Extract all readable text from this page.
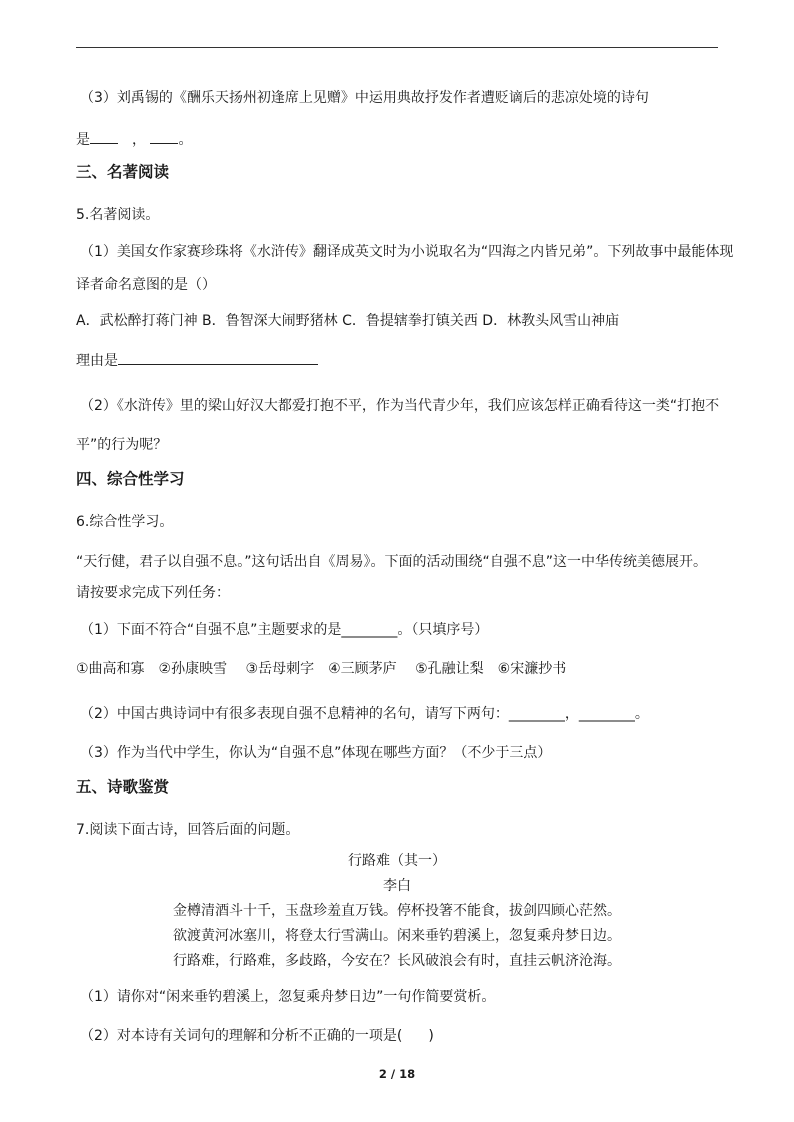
（3）刘禹锡的《酬乐天扬州初逢席上见赠》中运用典故抒发作者遭贬谪后的悲凉处境的诗句
是　	， 。
三、名著阅读
5.名著阅读。
（1）美国女作家赛珍珠将《水浒传》翻译成英文时为小说取名为“四海之内皆兄弟”。下列故事中最能体现
译者命名意图的是（）
A．武松醉打蒋门神 B．鲁智深大闹野猪林 C．鲁提辖拳打镇关西 D．林教头风雪山神庙
理由是
（2）《水浒传》里的梁山好汉大都爱打抱不平，作为当代青少年，我们应该怎样正确看待这一类“打抱不
平”的行为呢？
四、综合性学习
6.综合性学习。
“天行健，君子以自强不息。”这句话出自《周易》。下面的活动围绕“自强不息”这一中华传统美德展开。
请按要求完成下列任务：
（1）下面不符合“自强不息”主题要求的是________。（只填序号）
①曲高和寡　②孙康映雪　 ③岳母刺字　④三顾茅庐　 ⑤孔融让梨　⑥宋濂抄书
（2）中国古典诗词中有很多表现自强不息精神的名句，请写下两句：________，________。
（3）作为当代中学生，你认为“自强不息”体现在哪些方面？（不少于三点）
五、诗歌鉴赏
7.阅读下面古诗，回答后面的问题。
行路难（其一）
李白
金樽清酒斗十千，玉盘珍羞直万钱。停杯投箸不能食，拔剑四顾心茫然。
欲渡黄河冰塞川，将登太行雪满山。闲来垂钓碧溪上，忽复乘舟梦日边。
行路难，行路难，多歧路，今安在？长风破浪会有时，直挂云帆济沧海。
（1）请你对“闲来垂钓碧溪上，忽复乘舟梦日边”一句作简要赏析。
（2）对本诗有关词句的理解和分析不正确的一项是( )
2 / 18
